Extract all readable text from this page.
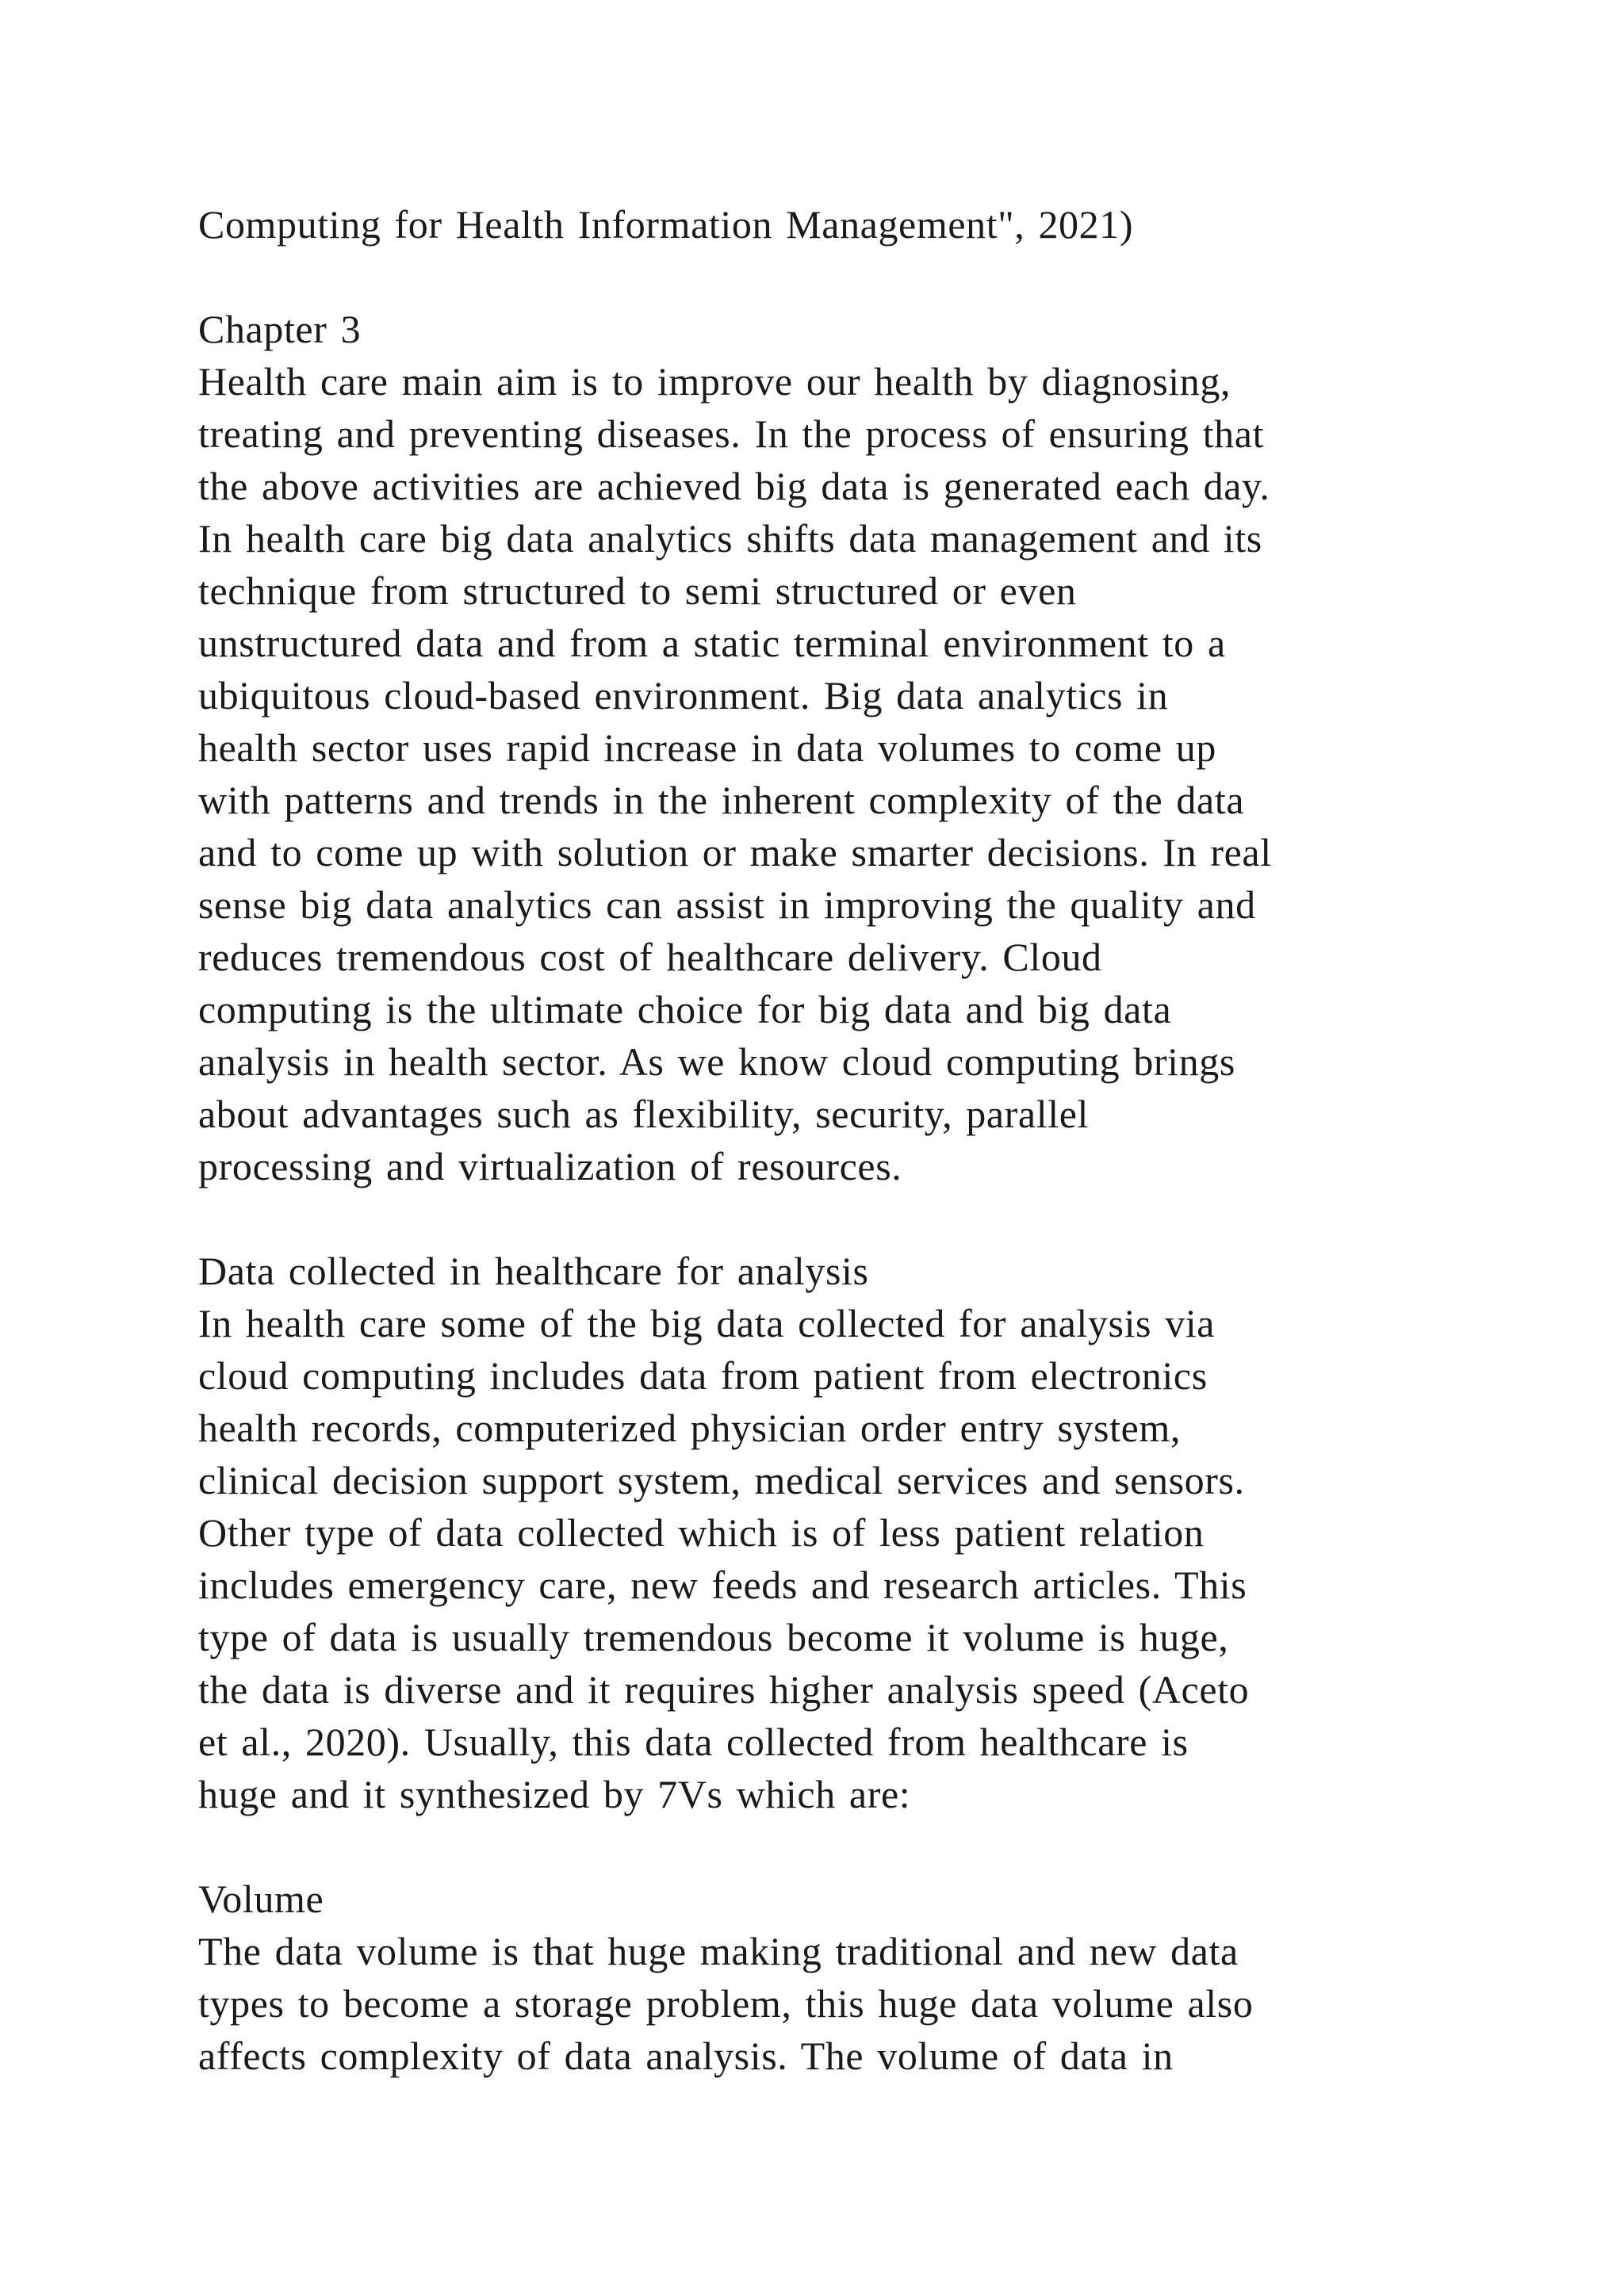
Computing for Health Information Management", 2021)
Chapter 3
Health care main aim is to improve our health by diagnosing,
treating and preventing diseases. In the process of ensuring that
the above activities are achieved big data is generated each day.
In health care big data analytics shifts data management and its
technique from structured to semi structured or even
unstructured data and from a static terminal environment to a
ubiquitous cloud-based environment. Big data analytics in
health sector uses rapid increase in data volumes to come up
with patterns and trends in the inherent complexity of the data
and to come up with solution or make smarter decisions. In real
sense big data analytics can assist in improving the quality and
reduces tremendous cost of healthcare delivery. Cloud
computing is the ultimate choice for big data and big data
analysis in health sector. As we know cloud computing brings
about advantages such as flexibility, security, parallel
processing and virtualization of resources.
Data collected in healthcare for analysis
In health care some of the big data collected for analysis via
cloud computing includes data from patient from electronics
health records, computerized physician order entry system,
clinical decision support system, medical services and sensors.
Other type of data collected which is of less patient relation
includes emergency care, new feeds and research articles. This
type of data is usually tremendous become it volume is huge,
the data is diverse and it requires higher analysis speed (Aceto
et al., 2020). Usually, this data collected from healthcare is
huge and it synthesized by 7Vs which are:
Volume
The data volume is that huge making traditional and new data
types to become a storage problem, this huge data volume also
affects complexity of data analysis. The volume of data in
